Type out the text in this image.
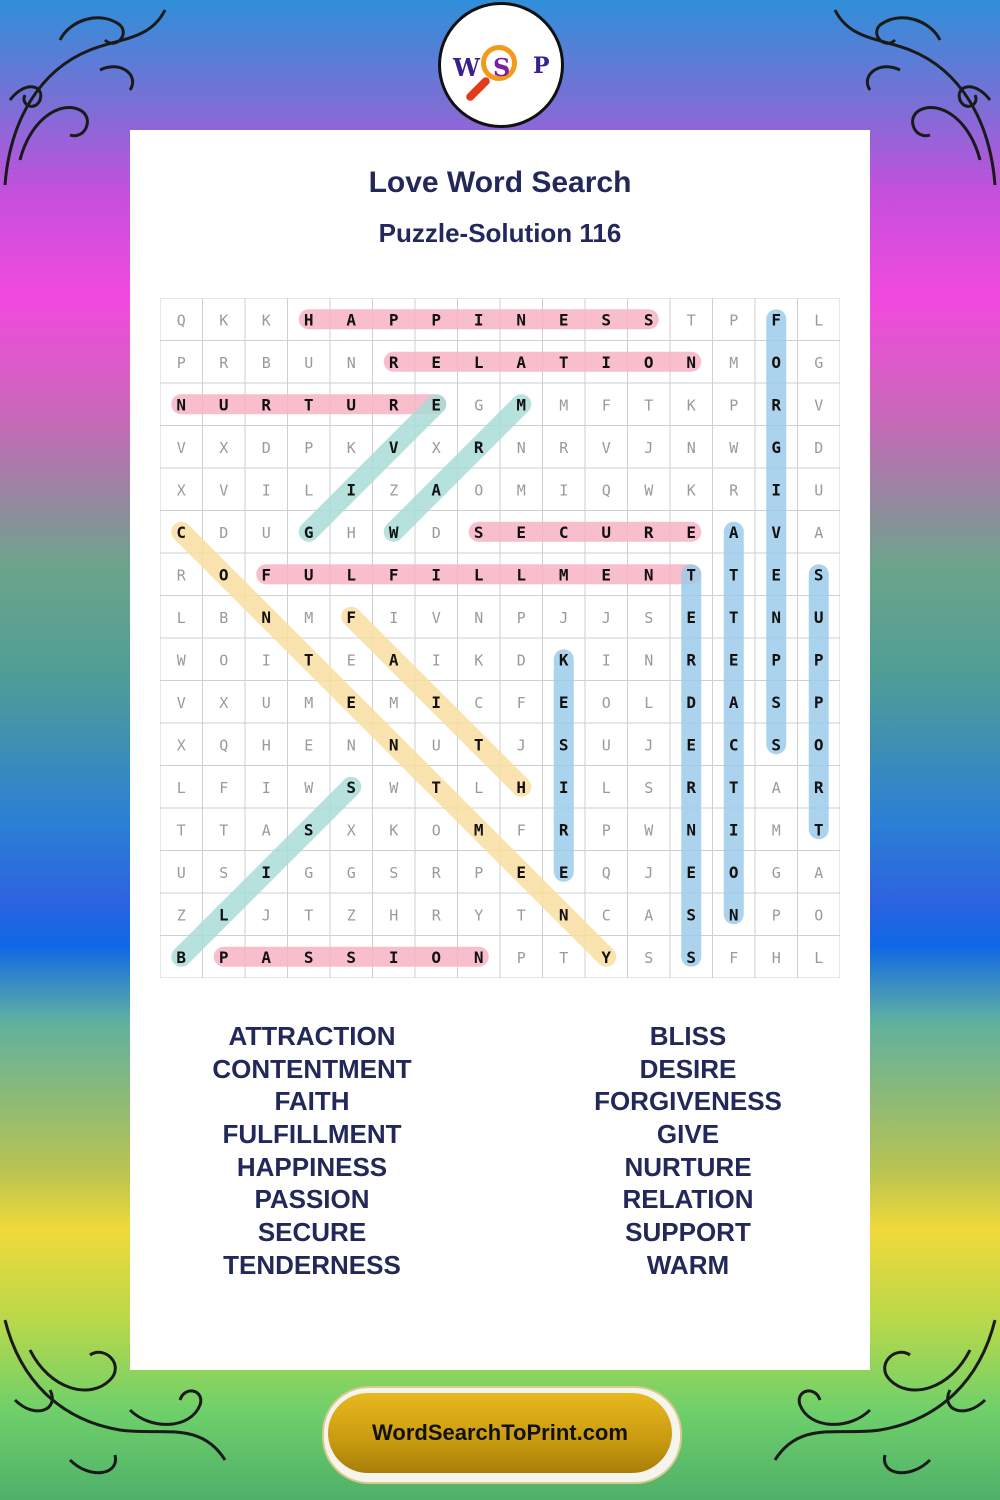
W S P
Love Word Search
Puzzle-Solution 116
Q K K H A P P I N E S S T P F L
P R B U N R E L A T I O N M O G
N U R T U R E G M M F T K P R V
V X D P K V X R N R V J N W G D
X V I L I Z A O M I Q W K R I U
C D U G H W D S E C U R E A V A
R O F U L F I L L M E N T T E S
L B N M F I V N P J J S E T N U
W O I T E A I K D K I N R E P P
V X U M E M I C F E O L D A S P
X Q H E N N U T J S U J E C S O
L F I W S W T L H I L S R T A R
T T A S X K O M F R P W N I M T
U S I G G S R P E E Q J E O G A
Z L J T Z H R Y T N C A S N P O
B P A S S I O N P T Y S S F H L
ATTRACTION
CONTENTMENT
FAITH
FULFILLMENT
HAPPINESS
PASSION
SECURE
TENDERNESS
BLISS
DESIRE
FORGIVENESS
GIVE
NURTURE
RELATION
SUPPORT
WARM
WordSearchToPrint.com
